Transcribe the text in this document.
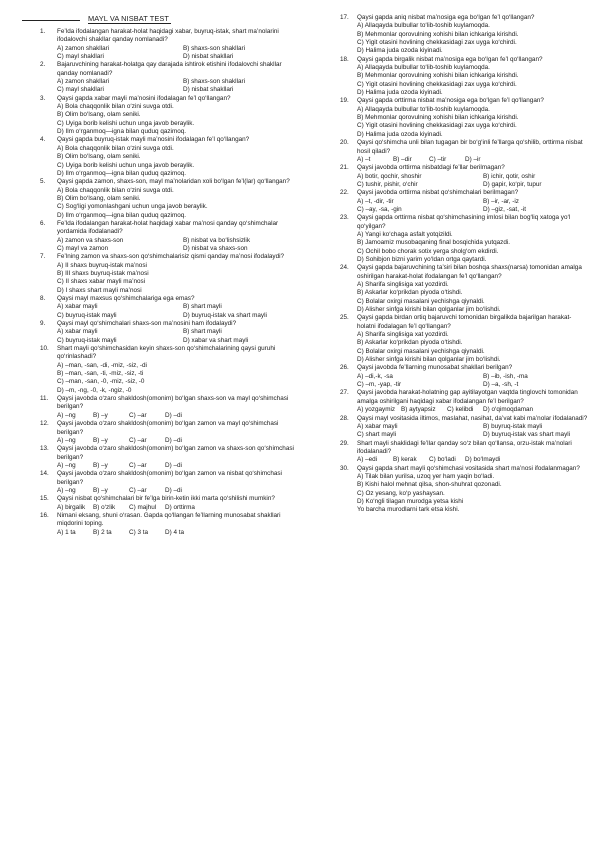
MAYL VA NISBAT TEST
1. Fe’lda ifodalangan harakat-holat haqidagi xabar, buyruq-istak, shart ma’nolarini ifodalovchi shakllar qanday nomlanadi?
A) zamon shakllari	B) shaxs-son shakllari
C) mayl shakllari	D) nisbat shakllari
2. Bajaruvchining harakat-holatga qay darajada ishtirok etishini ifodalovchi shakllar qanday nomlanadi?
A) zamon shakllari	B) shaxs-son shakllari
C) mayl shakllari	D) nisbat shakllari
3. Qaysi gapda xabar mayli ma’nosini ifodalagan fe’l qo‘llangan?
A) Bola chaqqonlik bilan o‘zini suvga otdi.
B) Olim bo‘lsang, olam seniki.
C) Uyiga borib kelishi uchun unga javob beraylik.
D) Ilm o‘rganmoq—igna bilan quduq qazimoq.
4. Qaysi gapda buyruq-istak mayli ma’nosini ifodalagan fe’l qo‘llangan?
A) Bola chaqqonlik bilan o‘zini suvga otdi.
B) Olim bo‘lsang, olam seniki.
C) Uyiga borib kelishi uchun unga javob beraylik.
D) Ilm o‘rganmoq—igna bilan quduq qazimoq.
5. Qaysi gapda zamon, shaxs-son, mayl ma’nolaridan xoli bo‘lgan fe’l(lar) qo‘llangan?
A) Bola chaqqonlik bilan o‘zini suvga otdi.
B) Olim bo‘lsang, olam seniki.
C) Sog‘ligi yomonlashgani uchun unga javob beraylik.
D) Ilm o‘rganmoq—igna bilan quduq qazimoq.
6. Fe’lda ifodalangan harakat-holat haqidagi xabar ma’nosi qanday qo‘shimchalar yordamida ifodalanadi?
A) zamon va shaxs-son	B) nisbat va bo‘lishsizlik
C) mayl va zamon	D) nisbat va shaxs-son
7. Fe’lning zamon va shaxs-son qo‘shimchalarisiz qismi qanday ma’nosi ifodalaydi?
A) II shaxs buyruq-istak ma’nosi
B) III shaxs buyruq-istak ma’nosi
C) II shaxs xabar mayli ma’nosi
D) I shaxs shart mayli ma’nosi
8. Qaysi mayl maxsus qo‘shimchalariga ega emas?
A) xabar mayli	B) shart mayli
C) buyruq-istak mayli	D) buyruq-istak va shart mayli
9. Qaysi mayl qo‘shimchalari shaxs-son ma’nosini ham ifodalaydi?
A) xabar mayli	B) shart mayli
C) buyruq-istak mayli	D) xabar va shart mayli
10. Shart mayli qo‘shimchasidan keyin shaxs-son qo‘shimchalarining qaysi guruhi qo‘rinlashadi?
A) –man, -san, -di, -miz, -siz, -di
B) –man, -san, -ti, -miz, -siz, -ti
C) –man, -san, -0, -miz, -siz, -0
D) –m, -ng, -0, -k, -ngiz, -0
11. Qaysi javobda o‘zaro shakldosh(omonim) bo‘lgan shaxs-son va mayl qo‘shimchasi berilgan?
A) –ng	B) –y	C) –ar	D) –di
12. Qaysi javobda o‘zaro shakldosh(omonim) bo‘lgan zamon va mayl qo‘shimchasi berilgan?
A) –ng	B) –y	C) –ar	D) –di
13. Qaysi javobda o‘zaro shakldosh(omonim) bo‘lgan zamon va shaxs-son qo‘shimchasi berilgan?
A) –ng	B) –y	C) –ar	D) –di
14. Qaysi javobda o‘zaro shakldosh(omonim) bo‘lgan zamon va nisbat qo‘shimchasi berilgan?
A) –ng	B) –y	C) –ar	D) –di
15. Qaysi nisbat qo‘shimchalari bir fe’lga birin-ketin ikki marta qo‘shilishi mumkin?
A) birgalik B) o‘zlik C) majhul D) orttirma
16. Nimani eksang, shuni o‘rasan. Gapda qo‘llangan fe’llarning munosabat shakllari miqdorini toping.
A) 1 ta	B) 2 ta	C) 3 ta	D) 4 ta
17. Qaysi gapda aniq nisbat ma’nosiga ega bo‘lgan fe’l qo‘llangan?
A) Allaqayda bulbullar to‘lib-toshib kuylamoqda.
B) Mehmonlar qorovulning xohishi bilan ichkariga kirishdi.
C) Yigit otasini hovlining chekkasidagi zax uyga ko‘chirdi.
D) Halima juda ozoda kiyinadi.
18. Qaysi gapda birgalik nisbat ma’nosiga ega bo‘lgan fe’l qo‘llangan?
A) Allaqayda bulbullar to‘lib-toshib kuylamoqda.
B) Mehmonlar qorovulning xohishi bilan ichkariga kirishdi.
C) Yigit otasini hovlining chekkasidagi zax uyga ko‘chirdi.
D) Halima juda ozoda kiyinadi.
19. Qaysi gapda orttirma nisbat ma’nosiga ega bo‘lgan fe’l qo‘llangan?
A) Allaqayda bulbullar to‘lib-toshib kuylamoqda.
B) Mehmonlar qorovulning xohishi bilan ichkariga kirishdi.
C) Yigit otasini hovlining chekkasidagi zax uyga ko‘chirdi.
D) Halima juda ozoda kiyinadi.
20. Qaysi qo‘shimcha unli bilan tugagan bir bo‘g‘inli fe’llarga qo‘shilib, orttirma nisbat hosil qiladi?
A) –t	B) –dir	C) –tir	D) –ir
21. Qaysi javobda orttirma nisbatdagi fe’llar berilmagan?
A) botir, qochir, shoshir	B) ichir, qotir, oshir
C) tushir, pishir, o‘chir	D) gapir, ko‘pir, tupur
22. Qaysi javobda orttirma nisbat qo‘shimchalari berilmagan?
A) –t, -dir, -tir	B) –ir, -ar, -iz
C) –ay, -sa, -gin	D) –giz, -sat, -it
23. Qaysi gapda orttirma nisbat qo‘shimchasining imlosi bilan bog‘liq xatoga yo‘l qo‘yilgan?
A) Yangi ko‘chaga asfalt yotqizildi.
B) Jamoamiz musobaqaning final bosqichida yutqazdi.
C) Ochil bobo chorak sotix yerga sholg‘om ekdirdi.
D) Sohibjon bizni yarim yo‘ldan ortga qaytardi.
24. Qaysi gapda bajaruvchining ta’siri bilan boshqa shaxs(narsa) tomonidan amalga oshirilgan harakat-holat ifodalangan fe’l qo‘llangan?
A) Sharifa singlisiga xat yozdirdi.
B) Askarlar ko‘prikdan piyoda o‘tishdi.
C) Bolalar oxirgi masalani yechishga qiynaldi.
D) Alisher sinfga kirishi bilan qolganlar jim bo‘lishdi.
25. Qaysi gapda birdan ortiq bajaruvchi tomonidan birgalikda bajarilgan harakat-holatni ifodalagan fe’l qo‘llangan?
A) Sharifa singlisiga xat yozdirdi.
B) Askarlar ko‘prikdan piyoda o‘tishdi.
C) Bolalar oxirgi masalani yechishga qiynaldi.
D) Alisher sinfga kirishi bilan qolganlar jim bo‘lishdi.
26. Qaysi javobda fe’llarning munosabat shakllari berilgan?
A) –di,-k, -sa	B) –ib, -ish, -ma
C) –m, -yap, -tir	D) –a, -sh, -t
27. Qaysi javobda harakat-holatning gap ayitilayotgan vaqtda tinglovchi tomonidan amalga oshirilgani haqidagi xabar ifodalangan fe’l berilgan?
A) yozgaymiz B) aytyapsiz C) kelibdi D) o‘qimoqdaman
28. Qaysi mayl vositasida iltimos, maslahat, nasihat, da’vat kabi ma’nolar ifodalanadi?
A) xabar mayli	B) buyruq-istak mayli
C) shart mayli	D) buyruq-istak vas shart mayli
29. Shart mayli shaklidagi fe’llar qanday so‘z bilan qo‘llansa, orzu-istak ma’nolari ifodalanadi?
A) –edi	B) kerak C) bo‘ladi D) bo‘lmaydi
30. Qaysi gapda shart mayli qo‘shimchasi vositasida shart ma’nosi ifodalanmagan?
A) Tilak bilan yurilsa, uzoq yer ham yaqin bo‘ladi.
B) Kishi halol mehnat qilsa, shon-shuhrat qozonadi.
C) Oz yesang, ko‘p yashaysan.
D) Ko‘ngli tilagan murodga yetsa kishi
Yo barcha murodlarni tark etsa kishi.
